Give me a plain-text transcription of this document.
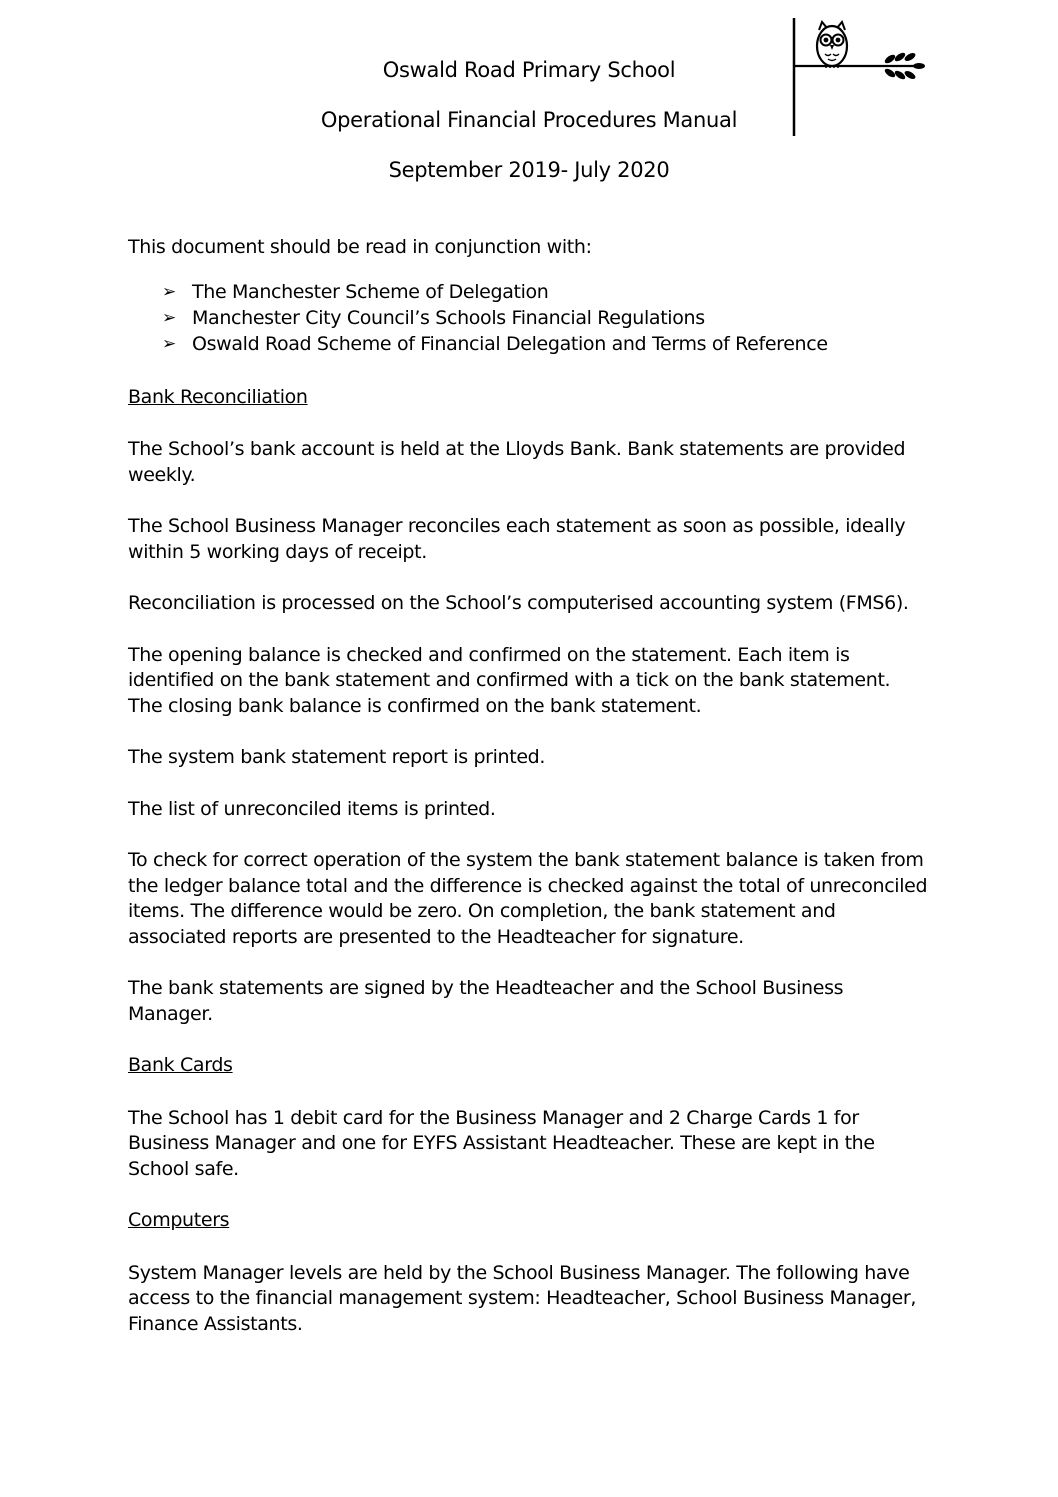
Oswald Road Primary School
Operational Financial Procedures Manual
September 2019- July 2020

This document should be read in conjunction with:

➢ The Manchester Scheme of Delegation
➢ Manchester City Council’s Schools Financial Regulations
➢ Oswald Road Scheme of Financial Delegation and Terms of Reference

Bank Reconciliation

The School’s bank account is held at the Lloyds Bank. Bank statements are provided weekly.

The School Business Manager reconciles each statement as soon as possible, ideally within 5 working days of receipt.

Reconciliation is processed on the School’s computerised accounting system (FMS6).

The opening balance is checked and confirmed on the statement. Each item is identified on the bank statement and confirmed with a tick on the bank statement. The closing bank balance is confirmed on the bank statement.

The system bank statement report is printed.

The list of unreconciled items is printed.

To check for correct operation of the system the bank statement balance is taken from the ledger balance total and the difference is checked against the total of unreconciled items. The difference would be zero. On completion, the bank statement and associated reports are presented to the Headteacher for signature.

The bank statements are signed by the Headteacher and the School Business Manager.

Bank Cards

The School has 1 debit card for the Business Manager and 2 Charge Cards 1 for Business Manager and one for EYFS Assistant Headteacher. These are kept in the School safe.

Computers

System Manager levels are held by the School Business Manager. The following have access to the financial management system: Headteacher, School Business Manager, Finance Assistants.
